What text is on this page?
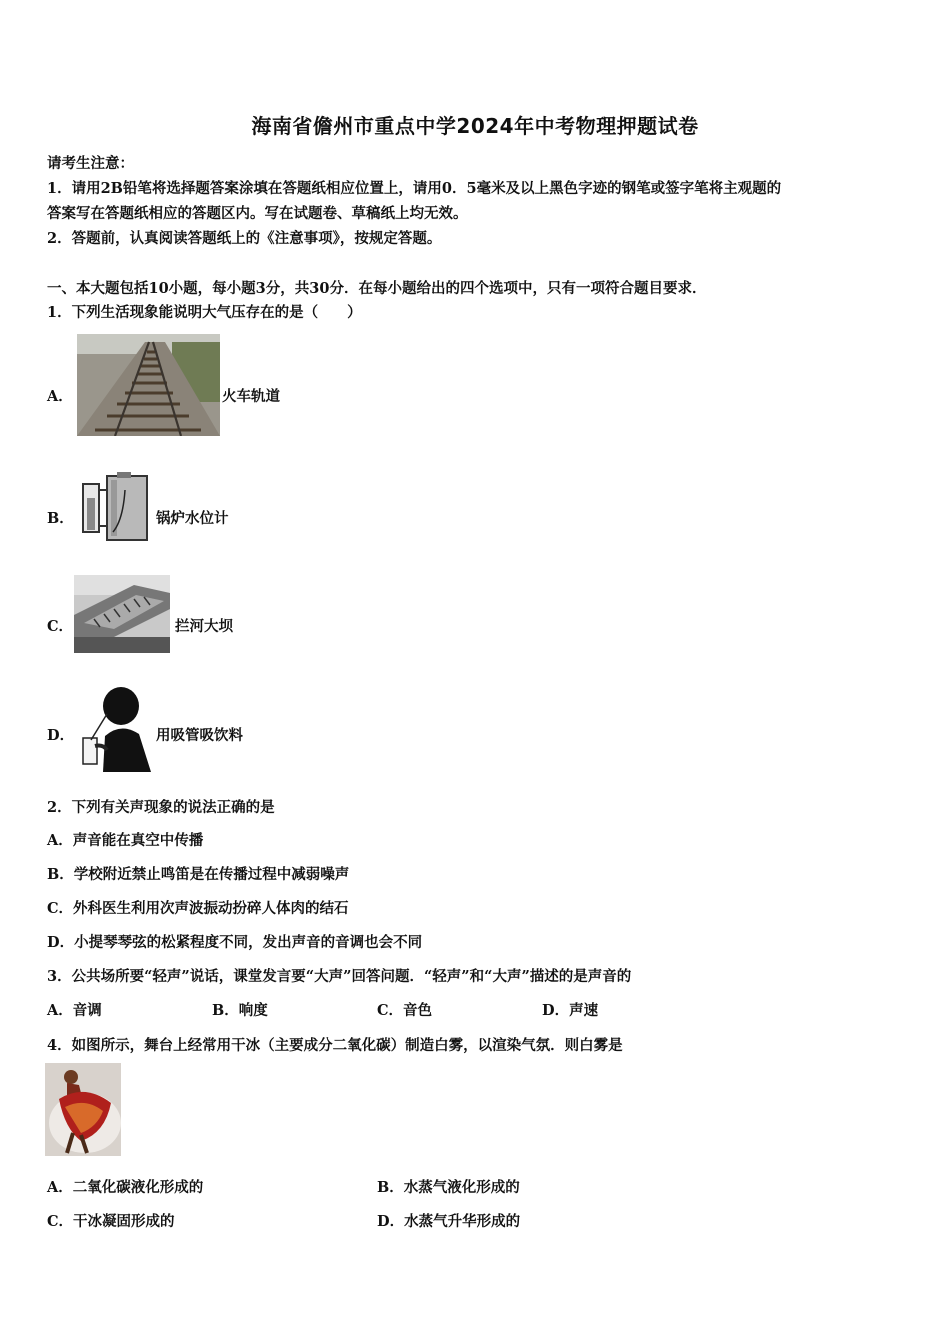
海南省儋州市重点中学2024年中考物理押题试卷
请考生注意：
1．请用2B铅笔将选择题答案涂填在答题纸相应位置上，请用0．5毫米及以上黑色字迹的钢笔或签字笔将主观题的
答案写在答题纸相应的答题区内。写在试题卷、草稿纸上均无效。
2．答题前，认真阅读答题纸上的《注意事项》，按规定答题。
一、本大题包括10小题，每小题3分，共30分．在每小题给出的四个选项中，只有一项符合题目要求．
1．下列生活现象能说明大气压存在的是（　　）
A．	火车轨道
B．	锅炉水位计
C．	拦河大坝
D．	用吸管吸饮料
2．下列有关声现象的说法正确的是
A．声音能在真空中传播
B．学校附近禁止鸣笛是在传播过程中减弱噪声
C．外科医生利用次声波振动扮碎人体肉的结石
D．小提琴琴弦的松紧程度不同，发出声音的音调也会不同
3．公共场所要“轻声”说话，课堂发言要“大声”回答问题．“轻声”和“大声”描述的是声音的
A．音调	B．响度	C．音色	D．声速
4．如图所示，舞台上经常用干冰（主要成分二氧化碳）制造白雾，以渲染气氛．则白雾是
A．二氧化碳液化形成的	B．水蒸气液化形成的
C．干冰凝固形成的	D．水蒸气升华形成的
